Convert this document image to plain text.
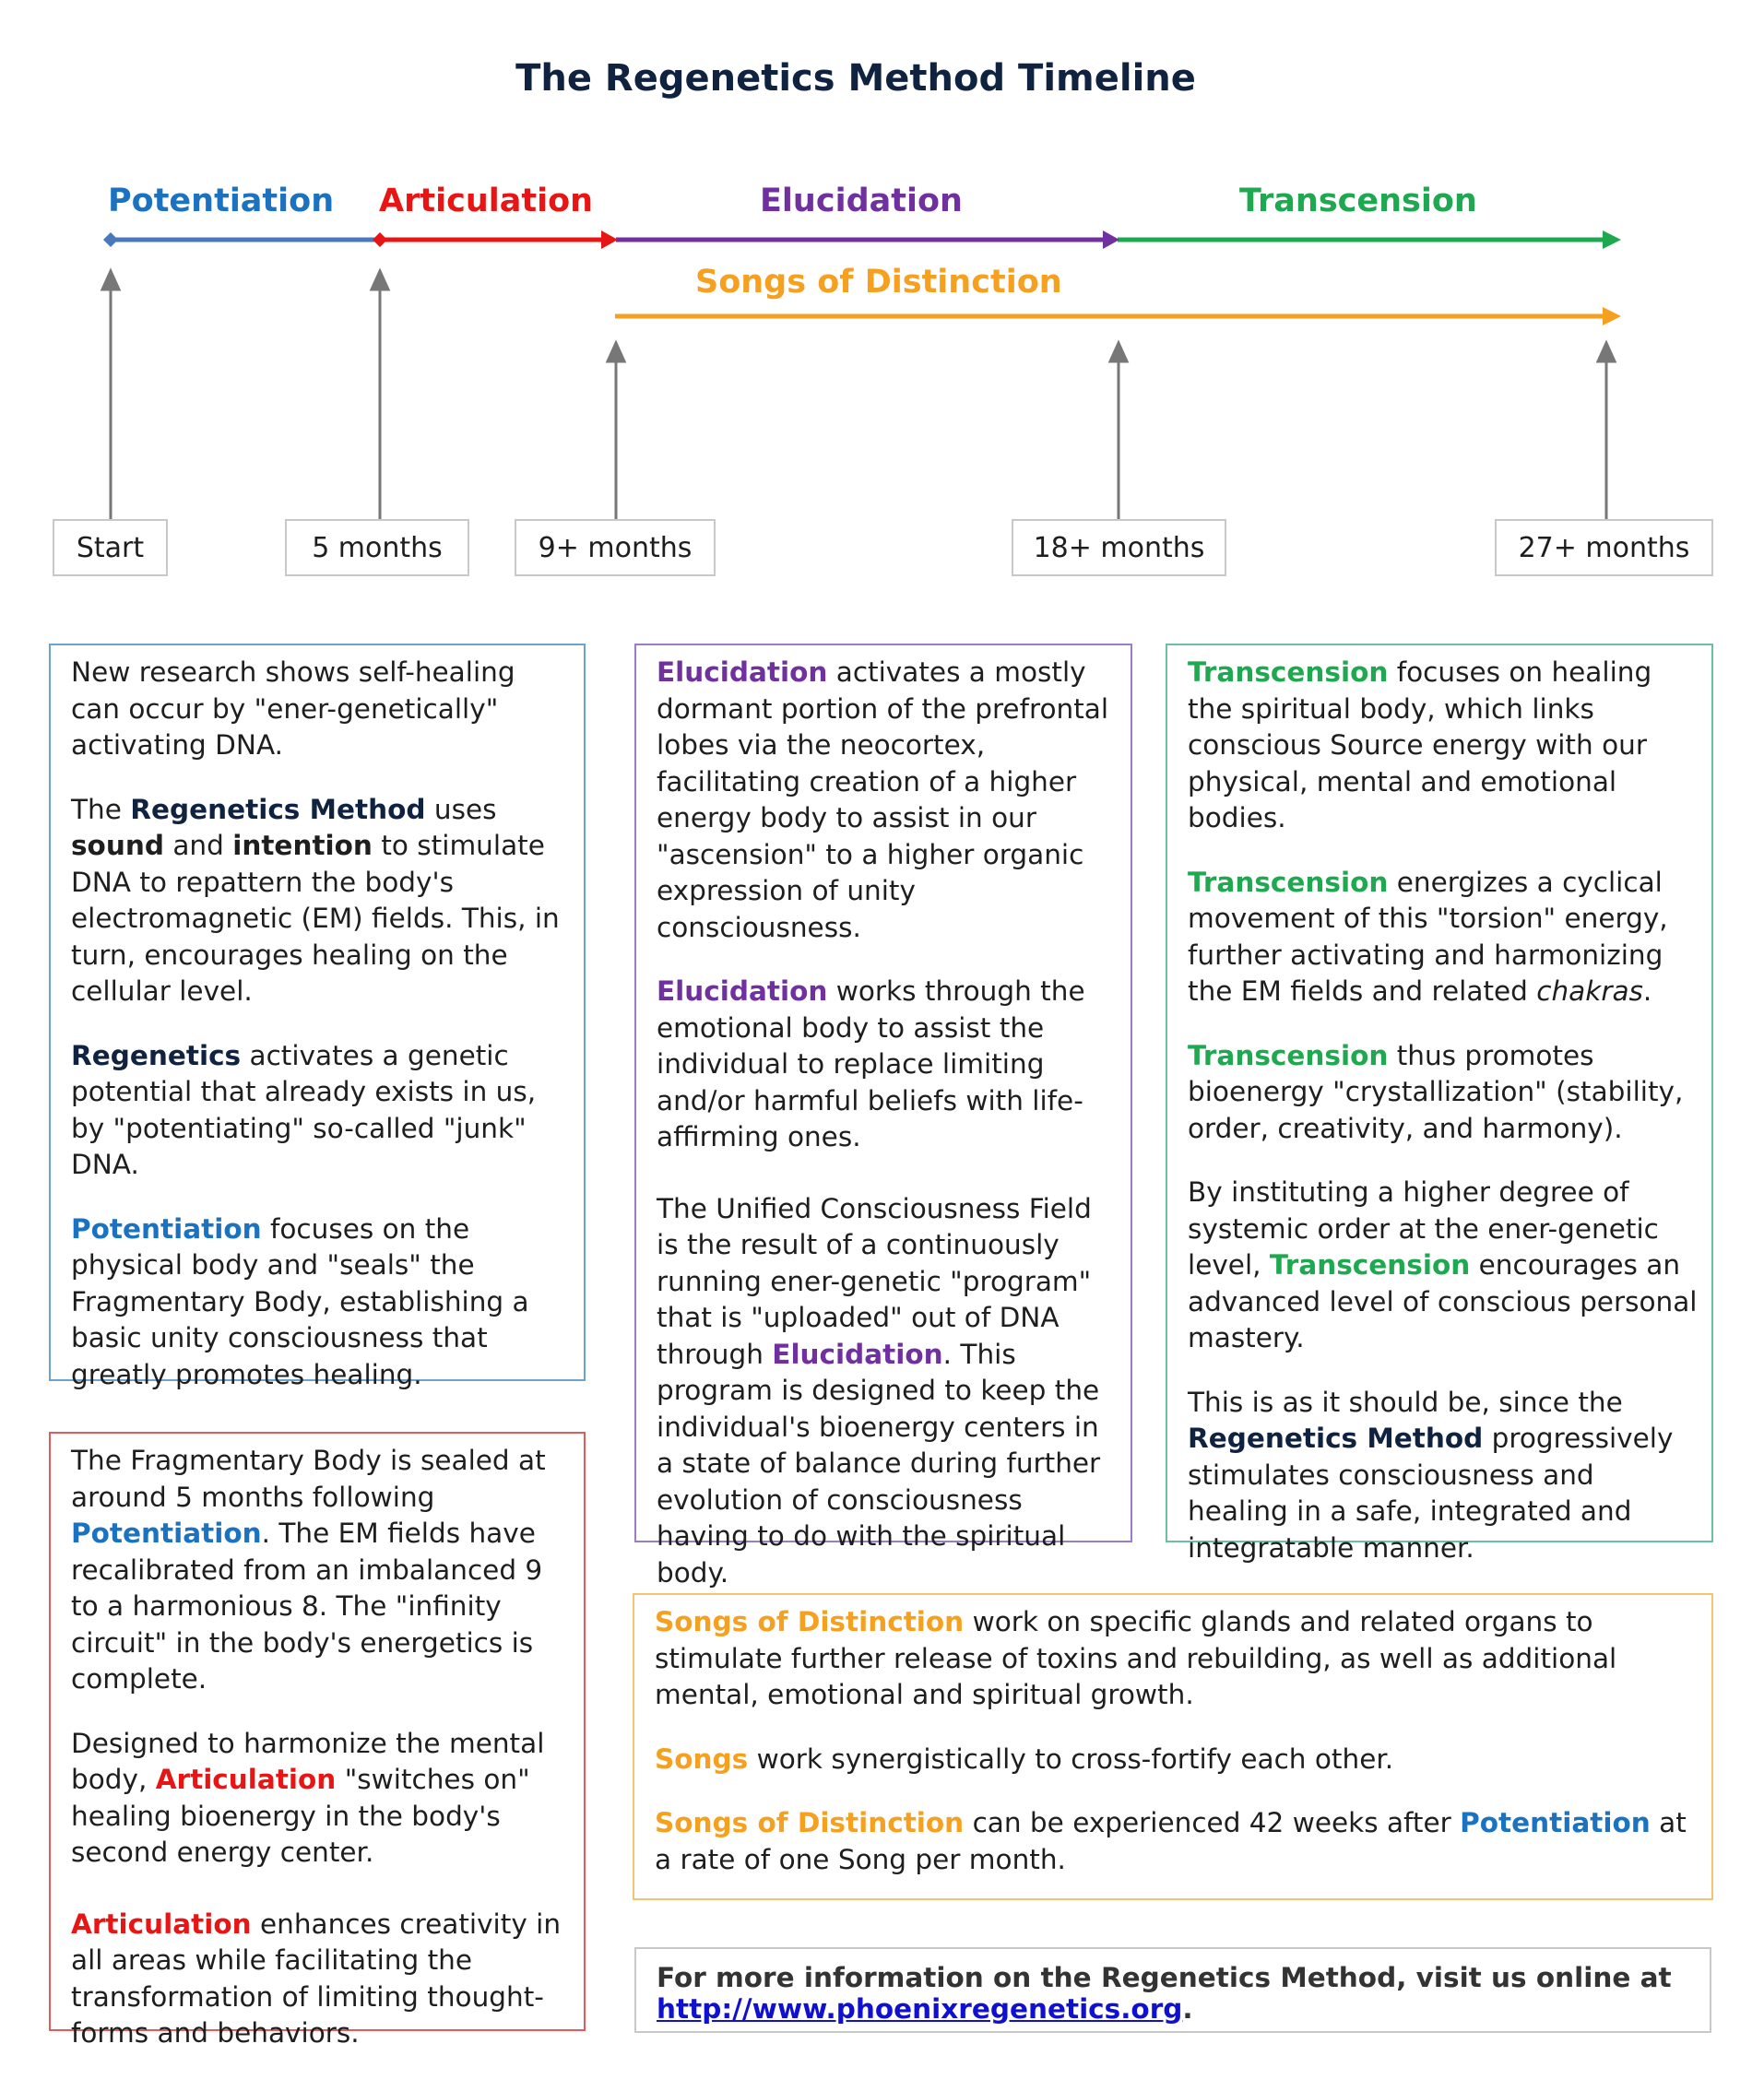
The Regenetics Method Timeline
Potentiation Articulation	Elucidation	Transcension
Songs of Distinction
Start	5 months	9+ months	18+ months	27+ months

New research shows self-healing can occur by "ener-genetically" activating DNA.

The Regenetics Method uses sound and intention to stimulate DNA to repattern the body's electromagnetic (EM) fields. This, in turn, encourages healing on the cellular level.

Regenetics activates a genetic potential that already exists in us, by "potentiating" so-called "junk" DNA.

Potentiation focuses on the physical body and "seals" the Fragmentary Body, establishing a basic unity consciousness that greatly promotes healing.

The Fragmentary Body is sealed at around 5 months following Potentiation. The EM fields have recalibrated from an imbalanced 9 to a harmonious 8. The "infinity circuit" in the body's energetics is complete.

Designed to harmonize the mental body, Articulation "switches on" healing bioenergy in the body's second energy center.

Articulation enhances creativity in all areas while facilitating the transformation of limiting thought-forms and behaviors.

Elucidation activates a mostly dormant portion of the prefrontal lobes via the neocortex, facilitating creation of a higher energy body to assist in our "ascension" to a higher organic expression of unity consciousness.

Elucidation works through the emotional body to assist the individual to replace limiting and/or harmful beliefs with life-affirming ones.

The Unified Consciousness Field is the result of a continuously running ener-genetic "program" that is "uploaded" out of DNA through Elucidation. This program is designed to keep the individual's bioenergy centers in a state of balance during further evolution of consciousness having to do with the spiritual body.

Transcension focuses on healing the spiritual body, which links conscious Source energy with our physical, mental and emotional bodies.

Transcension energizes a cyclical movement of this "torsion" energy, further activating and harmonizing the EM fields and related chakras.

Transcension thus promotes bioenergy "crystallization" (stability, order, creativity, and harmony).

By instituting a higher degree of systemic order at the ener-genetic level, Transcension encourages an advanced level of conscious personal mastery.

This is as it should be, since the Regenetics Method progressively stimulates consciousness and healing in a safe, integrated and integratable manner.

Songs of Distinction work on specific glands and related organs to stimulate further release of toxins and rebuilding, as well as additional mental, emotional and spiritual growth.

Songs work synergistically to cross-fortify each other.

Songs of Distinction can be experienced 42 weeks after Potentiation at a rate of one Song per month.

For more information on the Regenetics Method, visit us online at
http://www.phoenixregenetics.org.
